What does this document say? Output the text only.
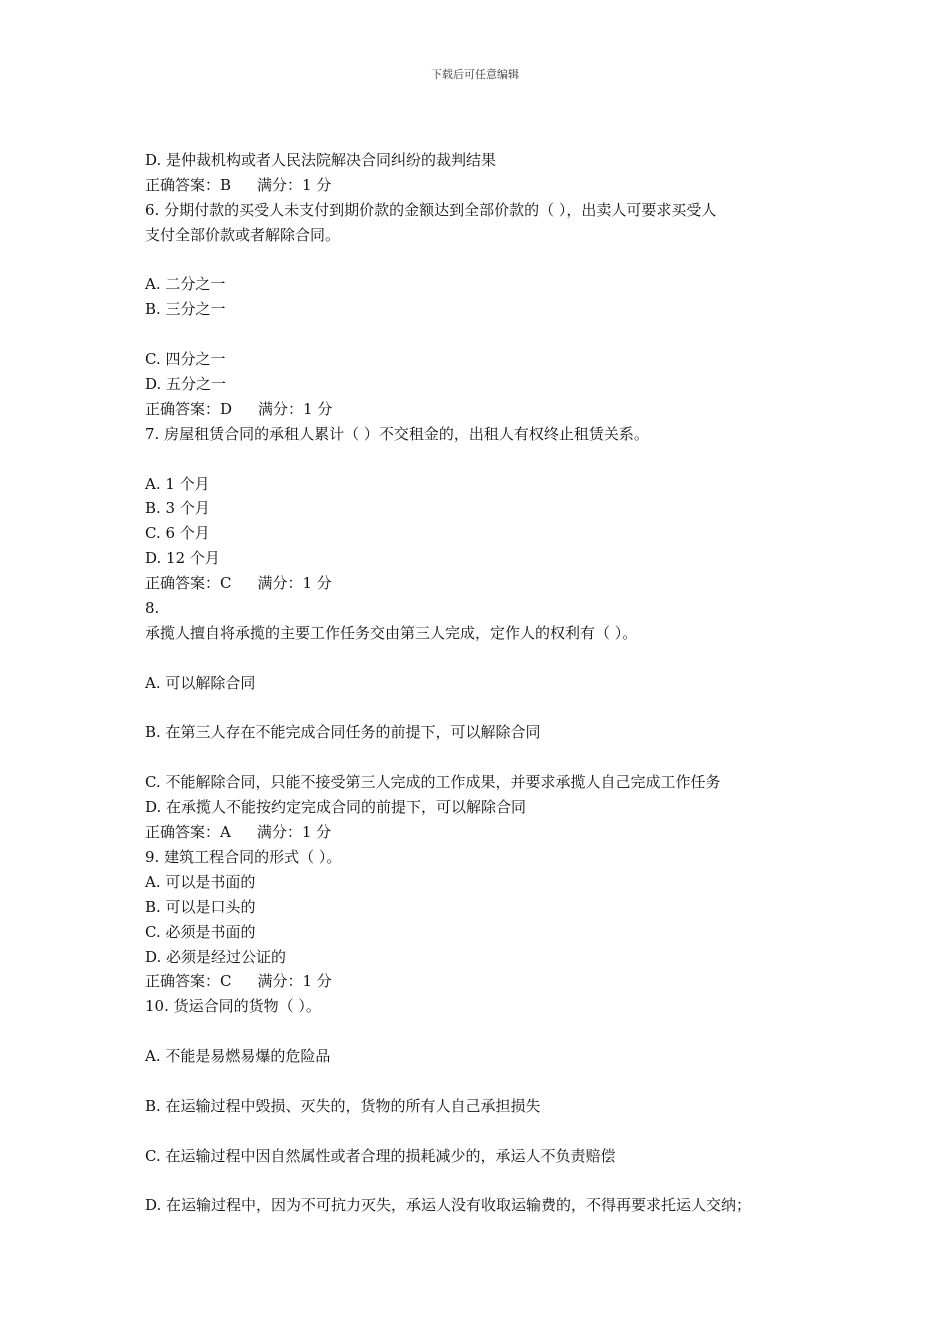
下载后可任意编辑
D. 是仲裁机构或者人民法院解决合同纠纷的裁判结果
正确答案：B 满分：1 分
6. 分期付款的买受人未支付到期价款的金额达到全部价款的（ ），出卖人可要求买受人
支付全部价款或者解除合同。
A. 二分之一
B. 三分之一
C. 四分之一
D. 五分之一
正确答案：D 满分：1 分
7. 房屋租赁合同的承租人累计（ ）不交租金的，出租人有权终止租赁关系。
A. 1 个月
B. 3 个月
C. 6 个月
D. 12 个月
正确答案：C 满分：1 分
8.
承揽人擅自将承揽的主要工作任务交由第三人完成，定作人的权利有（ ）。
A. 可以解除合同
B. 在第三人存在不能完成合同任务的前提下，可以解除合同
C. 不能解除合同，只能不接受第三人完成的工作成果，并要求承揽人自己完成工作任务
D. 在承揽人不能按约定完成合同的前提下，可以解除合同
正确答案：A 满分：1 分
9. 建筑工程合同的形式（ ）。
A. 可以是书面的
B. 可以是口头的
C. 必须是书面的
D. 必须是经过公证的
正确答案：C 满分：1 分
10. 货运合同的货物（ ）。
A. 不能是易燃易爆的危险品
B. 在运输过程中毁损、灭失的，货物的所有人自己承担损失
C. 在运输过程中因自然属性或者合理的损耗减少的，承运人不负责赔偿
D. 在运输过程中，因为不可抗力灭失，承运人没有收取运输费的，不得再要求托运人交纳；
